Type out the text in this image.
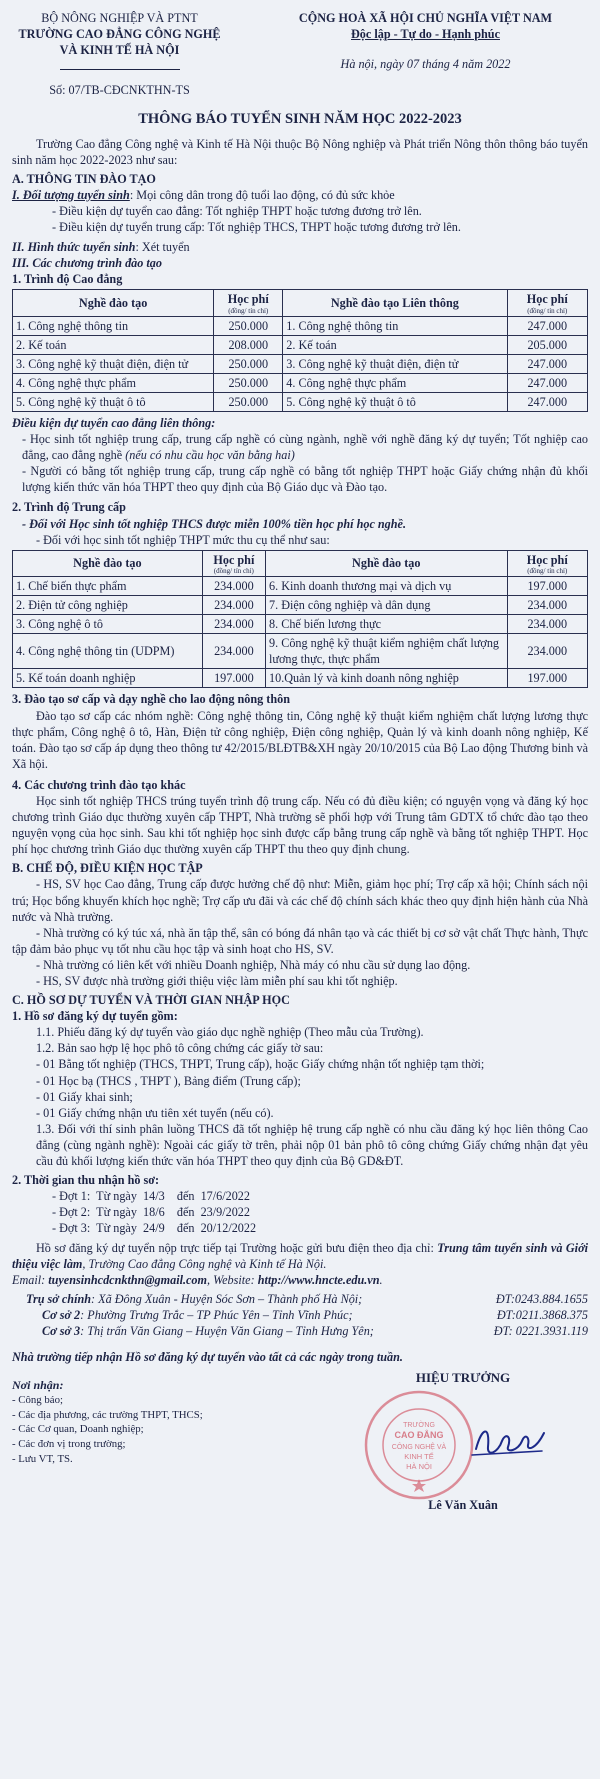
BỘ NÔNG NGHIỆP VÀ PTNT
TRƯỜNG CAO ĐẲNG CÔNG NGHỆ
VÀ KINH TẾ HÀ NỘI
Số: 07/TB-CĐCNKTHN-TS
CỘNG HOÀ XÃ HỘI CHỦ NGHĨA VIỆT NAM
Độc lập - Tự do - Hạnh phúc
Hà nội, ngày 07 tháng 4 năm 2022
THÔNG BÁO TUYỂN SINH NĂM HỌC 2022-2023

Trường Cao đẳng Công nghệ và Kinh tế Hà Nội thuộc Bộ Nông nghiệp và Phát triển Nông thôn thông báo tuyển sinh năm học 2022-2023 như sau:

A. THÔNG TIN ĐÀO TẠO

I. Đối tượng tuyển sinh: Mọi công dân trong độ tuổi lao động, có đủ sức khỏe

- Điều kiện dự tuyển cao đẳng: Tốt nghiệp THPT hoặc tương đương trở lên.

- Điều kiện dự tuyển trung cấp: Tốt nghiệp THCS, THPT hoặc tương đương trở lên.

II. Hình thức tuyển sinh: Xét tuyển

III. Các chương trình đào tạo

1. Trình độ Cao đẳng

Nghề đào tạo	Học phí
(đồng/ tín chỉ)	Nghề đào tạo Liên thông	Học phí
(đồng/ tín chỉ)

1. Công nghệ thông tin	250.000	1. Công nghệ thông tin	247.000
2. Kế toán	208.000	2. Kế toán	205.000
3. Công nghệ kỹ thuật điện, điện tử	250.000	3. Công nghệ kỹ thuật điện, điện tử	247.000
4. Công nghệ thực phẩm	250.000	4. Công nghệ thực phẩm	247.000
5. Công nghệ kỹ thuật ô tô	250.000	5. Công nghệ kỹ thuật ô tô	247.000

Điều kiện dự tuyển cao đẳng liên thông:

- Học sinh tốt nghiệp trung cấp, trung cấp nghề có cùng ngành, nghề với nghề đăng ký dự tuyển; Tốt nghiệp cao đẳng, cao đẳng nghề (nếu có nhu cầu học văn bằng hai)

- Người có bằng tốt nghiệp trung cấp, trung cấp nghề có bằng tốt nghiệp THPT hoặc Giấy chứng nhận đủ khối lượng kiến thức văn hóa THPT theo quy định của Bộ Giáo dục và Đào tạo.

2. Trình độ Trung cấp

- Đối với Học sinh tốt nghiệp THCS được miễn 100% tiền học phí học nghề.

- Đối với học sinh tốt nghiệp THPT mức thu cụ thể như sau:

Nghề đào tạo	Học phí
(đồng/ tín chỉ)	Nghề đào tạo	Học phí
(đồng/ tín chỉ)

1. Chế biến thực phẩm	234.000	6. Kinh doanh thương mại và dịch vụ	197.000
2. Điện tử công nghiệp	234.000	7. Điện công nghiệp và dân dụng	234.000
3. Công nghệ ô tô	234.000	8. Chế biến lương thực	234.000
4. Công nghệ thông tin (UDPM)	234.000	9. Công nghệ kỹ thuật kiểm nghiệm chất lượng lương thực, thực phẩm	234.000
5. Kế toán doanh nghiệp	197.000	10.Quản lý và kinh doanh nông nghiệp	197.000

3. Đào tạo sơ cấp và dạy nghề cho lao động nông thôn

Đào tạo sơ cấp các nhóm nghề: Công nghệ thông tin, Công nghệ kỹ thuật kiểm nghiệm chất lượng lương thực thực phẩm, Công nghệ ô tô, Hàn, Điện tử công nghiệp, Điện công nghiệp, Quản lý và kinh doanh nông nghiệp, Kế toán. Đào tạo sơ cấp áp dụng theo thông tư 42/2015/BLĐTB&XH ngày 20/10/2015 của Bộ Lao động Thương binh và Xã hội.

4. Các chương trình đào tạo khác

Học sinh tốt nghiệp THCS trúng tuyển trình độ trung cấp. Nếu có đủ điều kiện; có nguyện vọng và đăng ký học chương trình Giáo dục thường xuyên cấp THPT, Nhà trường sẽ phối hợp với Trung tâm GDTX tổ chức đào tạo theo nguyện vọng của học sinh. Sau khi tốt nghiệp học sinh được cấp bằng trung cấp nghề và bằng tốt nghiệp THPT. Học phí học chương trình Giáo dục thường xuyên cấp THPT thu theo quy định chung.

B. CHẾ ĐỘ, ĐIỀU KIỆN HỌC TẬP

- HS, SV học Cao đẳng, Trung cấp được hưởng chế độ như: Miễn, giảm học phí; Trợ cấp xã hội; Chính sách nội trú; Học bổng khuyến khích học nghề; Trợ cấp ưu đãi và các chế độ chính sách khác theo quy định hiện hành của Nhà nước và Nhà trường.

- Nhà trường có ký túc xá, nhà ăn tập thể, sân có bóng đá nhân tạo và các thiết bị cơ sở vật chất Thực hành, Thực tập đảm bảo phục vụ tốt nhu cầu học tập và sinh hoạt cho HS, SV.

- Nhà trường có liên kết với nhiều Doanh nghiệp, Nhà máy có nhu cầu sử dụng lao động.

- HS, SV được nhà trường giới thiệu việc làm miễn phí sau khi tốt nghiệp.

C. HỒ SƠ DỰ TUYỂN VÀ THỜI GIAN NHẬP HỌC

1. Hồ sơ đăng ký dự tuyển gồm:

1.1. Phiếu đăng ký dự tuyển vào giáo dục nghề nghiệp (Theo mẫu của Trường).

1.2. Bản sao hợp lệ học phô tô công chứng các giấy tờ sau:

- 01 Bằng tốt nghiệp (THCS, THPT, Trung cấp), hoặc Giấy chứng nhận tốt nghiệp tạm thời;

- 01 Học bạ (THCS , THPT ), Bảng điểm (Trung cấp);

- 01 Giấy khai sinh;

- 01 Giấy chứng nhận ưu tiên xét tuyển (nếu có).

1.3. Đối với thí sinh phân luồng THCS đã tốt nghiệp hệ trung cấp nghề có nhu cầu đăng ký học liên thông Cao đẳng (cùng ngành nghề): Ngoài các giấy tờ trên, phải nộp 01 bản phô tô công chứng Giấy chứng nhận đạt yêu cầu đủ khối lượng kiến thức văn hóa THPT theo quy định của Bộ GD&ĐT.

2. Thời gian thu nhận hồ sơ:

- Đợt 1:  Từ ngày  14/3    đến  17/6/2022

- Đợt 2:  Từ ngày  18/6    đến  23/9/2022

- Đợt 3:  Từ ngày  24/9    đến  20/12/2022

Hồ sơ đăng ký dự tuyển nộp trực tiếp tại Trường hoặc gửi bưu điện theo địa chỉ: Trung tâm tuyển sinh và Giới thiệu việc làm, Trường Cao đẳng Công nghệ và Kinh tế Hà Nội.

Email: tuyensinhcdcnkthn@gmail.com, Website: http://www.hncte.edu.vn.

Trụ sở chính: Xã Đông Xuân - Huyện Sóc Sơn – Thành phố Hà Nội;	ĐT:0243.884.1655
Cơ sở 2: Phường Trưng Trắc – TP Phúc Yên – Tỉnh Vĩnh Phúc;	ĐT:0211.3868.375
Cơ sở 3: Thị trấn Văn Giang – Huyện Văn Giang – Tỉnh Hưng Yên;	ĐT: 0221.3931.119

Nhà trường tiếp nhận Hồ sơ đăng ký dự tuyển vào tất cả các ngày trong tuần.

Nơi nhận:
- Công báo;
- Các địa phương, các trường THPT, THCS;
- Các Cơ quan, Doanh nghiệp;
- Các đơn vị trong trường;
- Lưu VT, TS.
HIỆU TRƯỞNG
TRƯỜNG
CAO ĐẲNG
CÔNG NGHỆ VÀ
KINH TẾ
HÀ NỘI
Lê Văn Xuân
